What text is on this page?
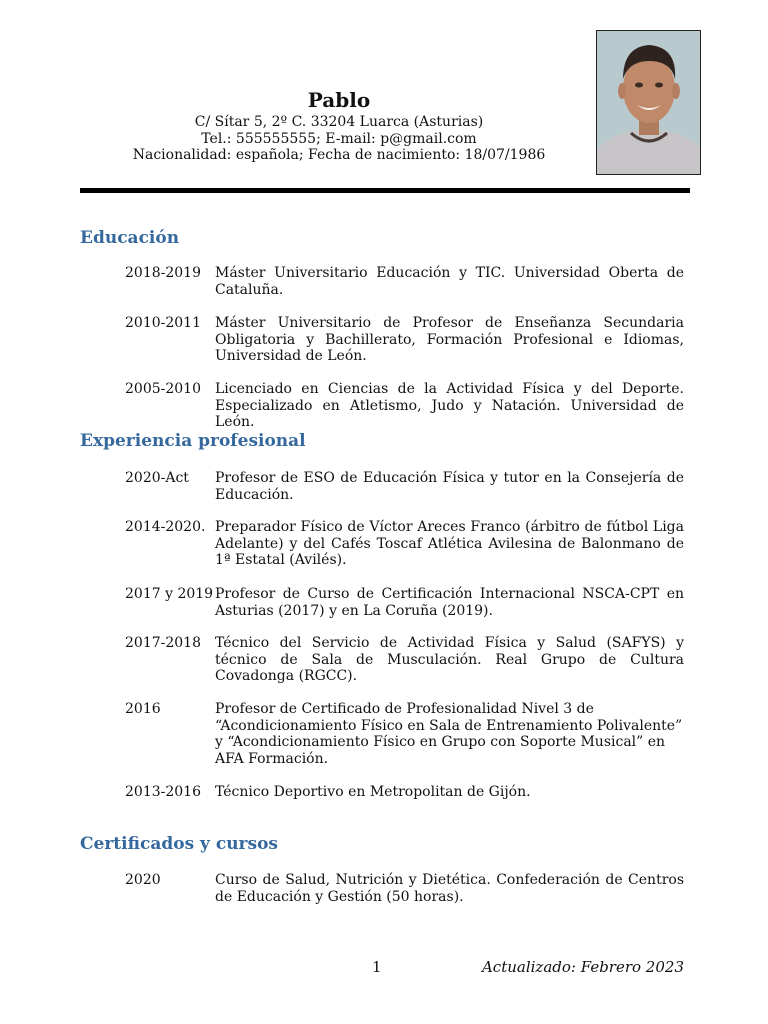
Pablo
C/ Sítar 5, 2º C. 33204 Luarca (Asturias)
Tel.: 555555555; E-mail: p@gmail.com
Nacionalidad: española; Fecha de nacimiento: 18/07/1986
Educación
2018-2019	Máster Universitario Educación y TIC. Universidad Oberta de Cataluña.
2010-2011	Máster Universitario de Profesor de Enseñanza Secundaria Obligatoria y Bachillerato, Formación Profesional e Idiomas, Universidad de León.
2005-2010	Licenciado en Ciencias de la Actividad Física y del Deporte. Especializado en Atletismo, Judo y Natación. Universidad de León.
Experiencia profesional
2020-Act	Profesor de ESO de Educación Física y tutor en la Consejería de Educación.
2014-2020. Preparador Físico de Víctor Areces Franco (árbitro de fútbol Liga Adelante) y del Cafés Toscaf Atlética Avilesina de Balonmano de 1ª Estatal (Avilés).
2017 y 2019 Profesor de Curso de Certificación Internacional NSCA-CPT en Asturias (2017) y en La Coruña (2019).
2017-2018	Técnico del Servicio de Actividad Física y Salud (SAFYS) y técnico de Sala de Musculación. Real Grupo de Cultura Covadonga (RGCC).
2016	Profesor de Certificado de Profesionalidad Nivel 3 de “Acondicionamiento Físico en Sala de Entrenamiento Polivalente” y “Acondicionamiento Físico en Grupo con Soporte Musical” en AFA Formación.
2013-2016	Técnico Deportivo en Metropolitan de Gijón.
Certificados y cursos
2020	Curso de Salud, Nutrición y Dietética. Confederación de Centros de Educación y Gestión (50 horas).
1	Actualizado: Febrero 2023
